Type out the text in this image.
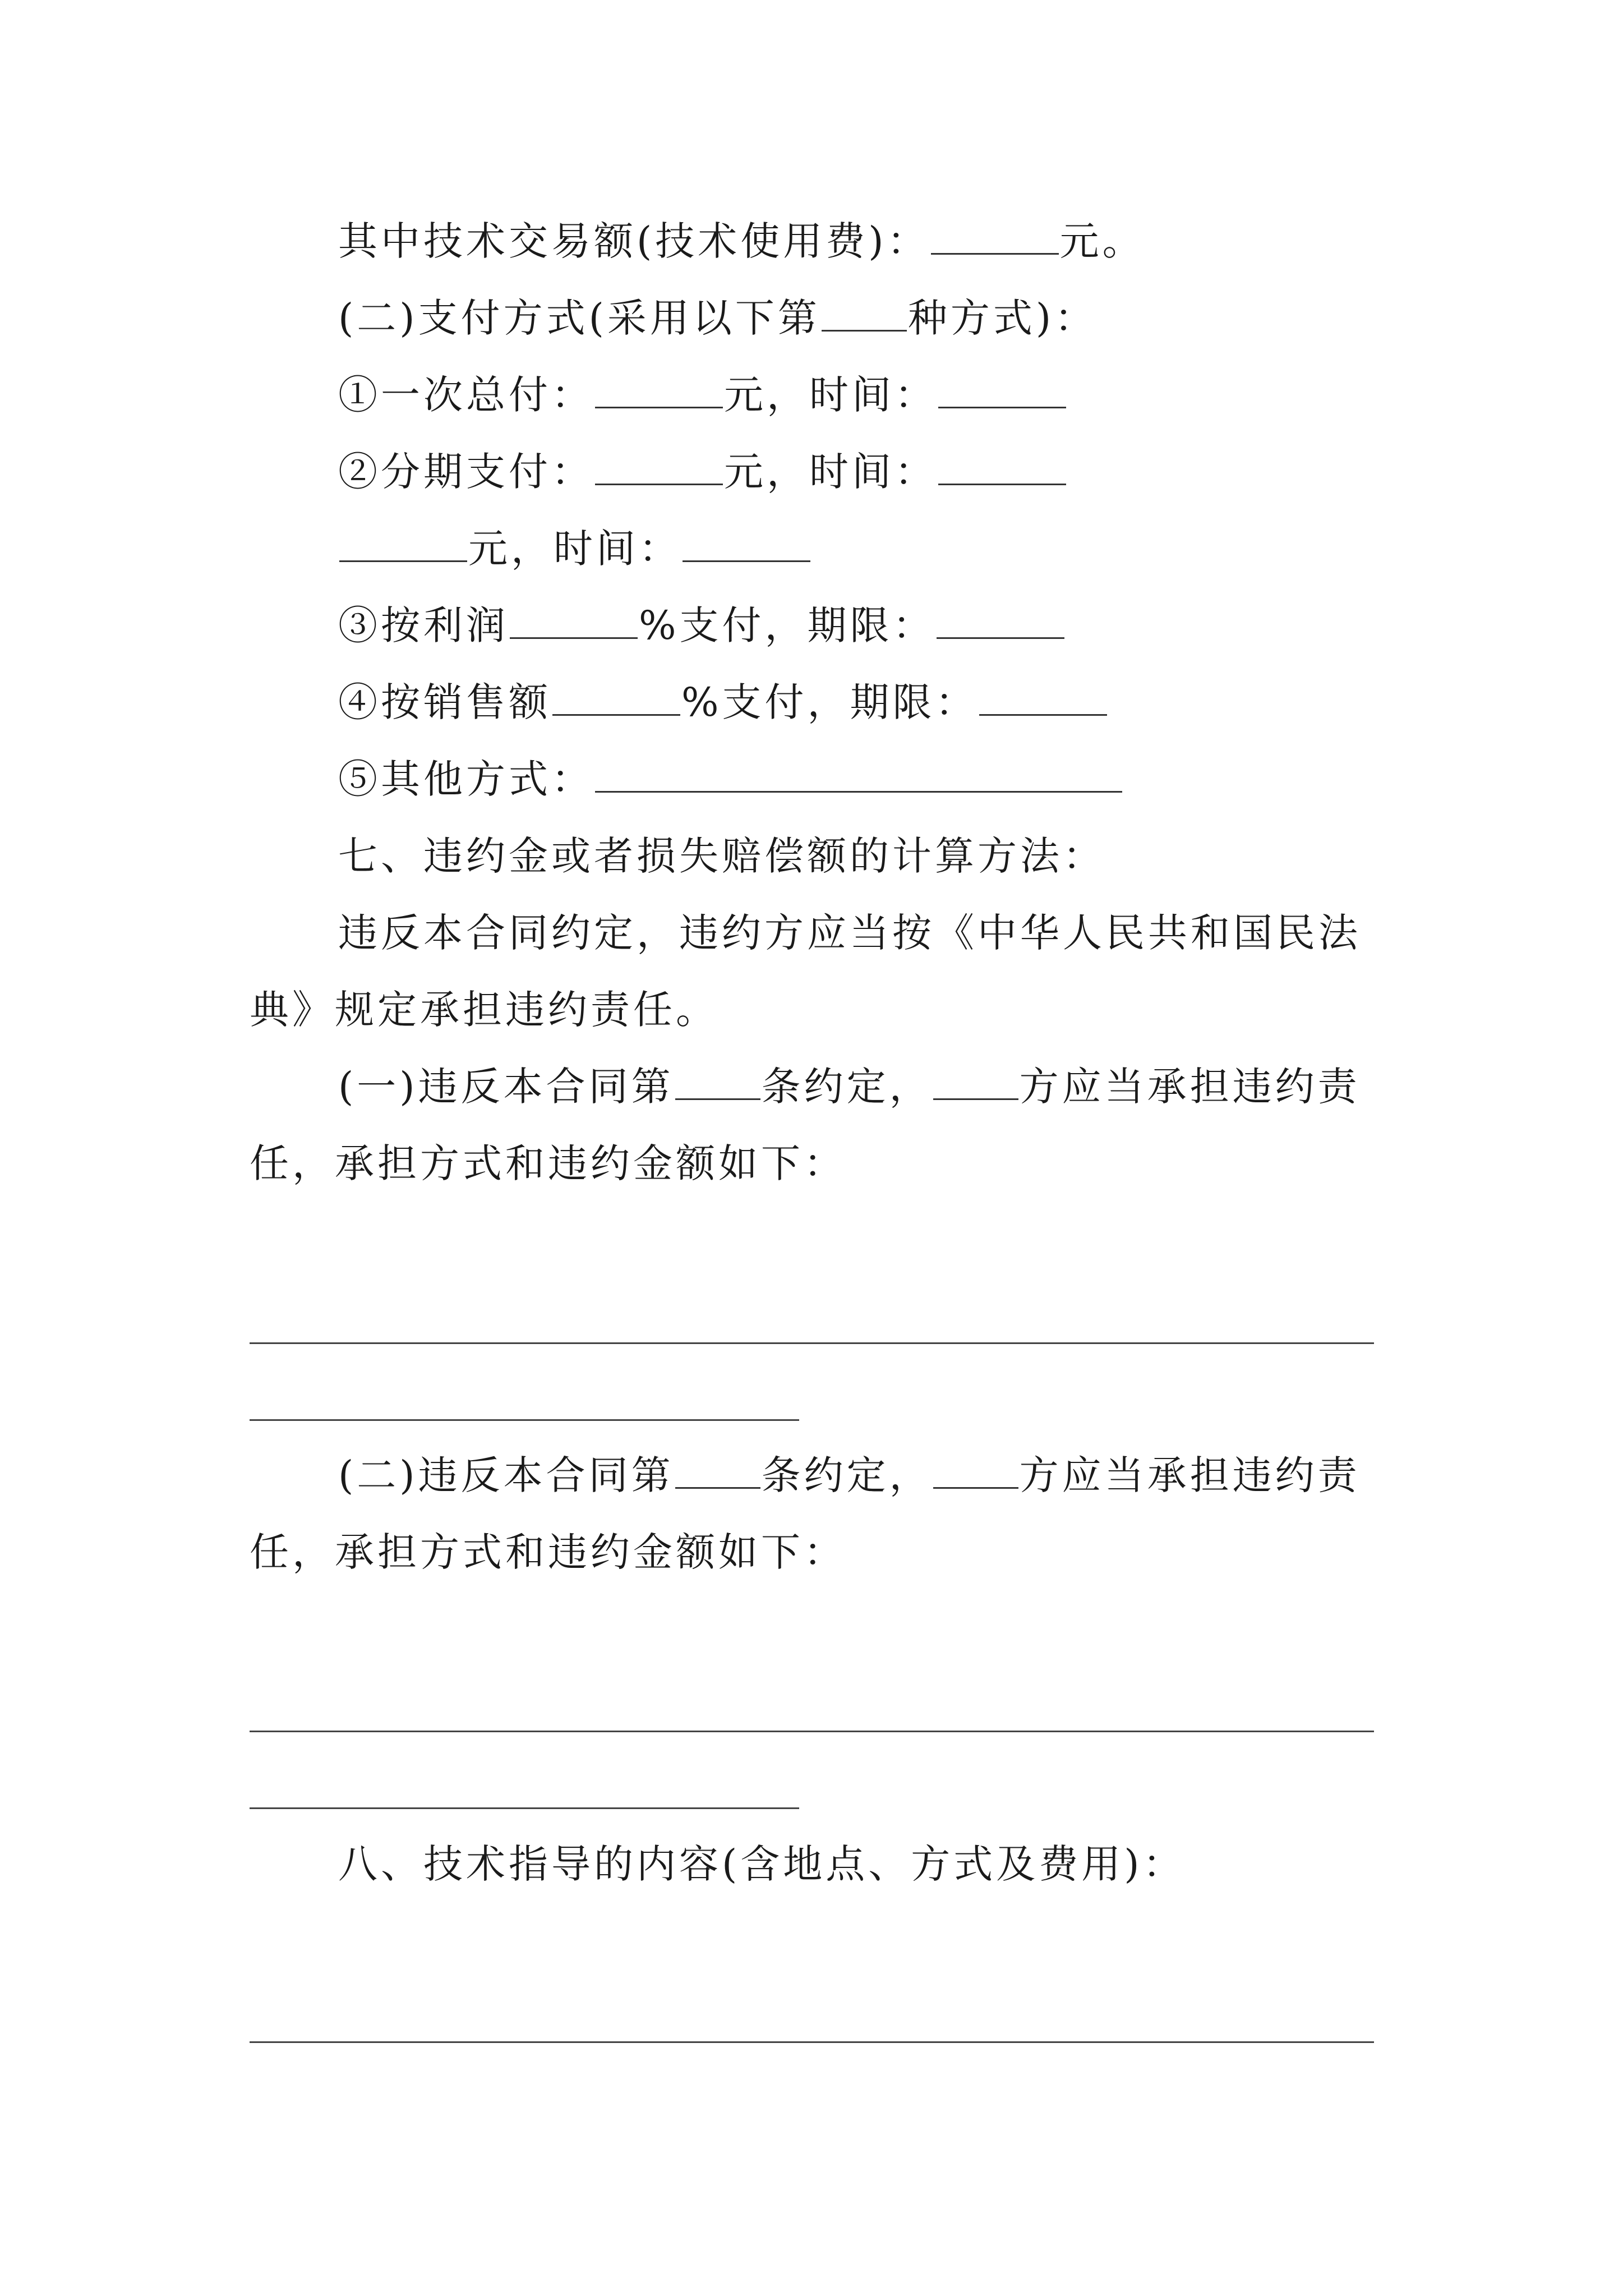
其中技术交易额(技术使用费)：	元。

(二)支付方式(采用以下第 种方式)：

①一次总付：	元，时间：

②分期支付：	元，时间：

元，时间：

③按利润	%支付，期限：

④按销售额	%支付，期限：

⑤其他方式：

七、违约金或者损失赔偿额的计算方法：

违反本合同约定，违约方应当按《中华人民共和国民法

典》规定承担违约责任。

(一)违反本合同第 条约定， 方应当承担违约责

任，承担方式和违约金额如下：

(二)违反本合同第 条约定， 方应当承担违约责

任，承担方式和违约金额如下：

八、技术指导的内容(含地点、方式及费用)：
